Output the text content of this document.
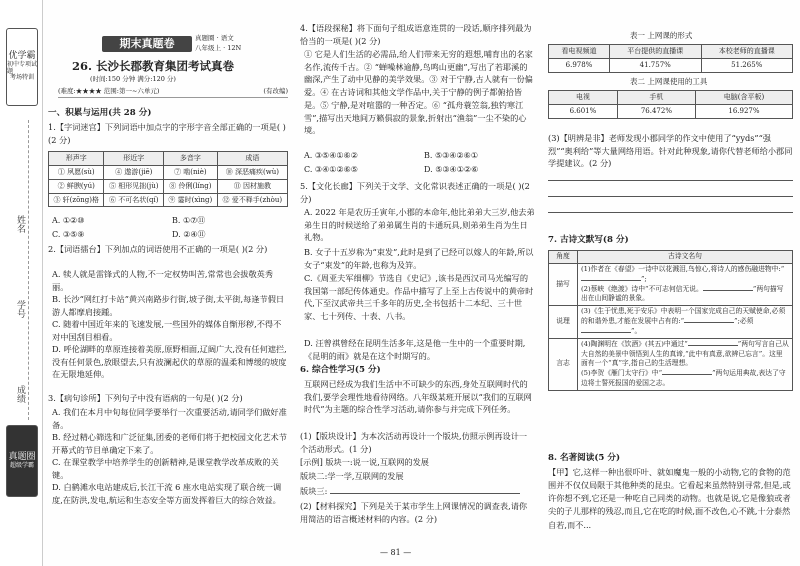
优学霸
初中专项试题
考场特训
姓名
学号
成绩
真题圈
超级学霸
期末真题卷	真题圈 · 语文
八年级上 · 12N
26. 长沙长郡教育集团考试真卷
(时间:150 分钟 满分:120 分)
(难度:★★★★ 范围:第一~六单元)	(有改编)

一、积累与运用(共 28 分)

1.【字词迷宫】下列词语中加点字的字形字音全部正确的一项是( )(2 分)

形声字	形近字	多音字	成语
① 夙愿(sù)	④ 遨游(jiē)	⑦ 啮(niè)	⑩ 深恶痛疾(wù)
② 鲜腴(yú)	⑤ 相形见拙(jù)	⑧ 伶俐(líng)	⑪ 因材施教
③ 轩(zōng)格	⑥ 不可名状(qí)	⑨ 霎时(xìng)	⑫ 爱不释手(zhòu)
A. ①②⑩	B. ①⑦⑪
C. ③⑤⑨	D. ②④⑪

2.【词语擂台】下列加点的词语使用不正确的一项是( )(2 分)

A. 犊人就是雷锋式的人物,不一定权势叫苦,常常也会拔敬英秀丽。

B. 长沙“网红打卡站”黄兴南路步行街,坡子街,太平街,每逢节假日游人都摩肩接踵。

C. 随着中国近年来的飞速发展,一些国外的媒体自惭形秽,不得不对中国刮目相看。

D. 呼伦湖畔的草原连接着美原,原野相面,辽阔广大,没有任何遮拦,没有任何景色,放眼望去,只有波澜起伏的草原的温柔和博缓的坡度在无限地延伸。

3.【病句诊所】下列句子中没有语病的一句是( )(2 分)

A. 我们在本月中旬每位同学要举行一次重要活动,请同学们做好准备。

B. 经过精心筛选和广泛征集,团委的老师们将于把校园文化艺术节开幕式的节目单确定下来了。

C. 在课堂教学中培养学生的创新精神,是课堂教学改革成败的关键。

D. 白鹤滩水电站建成后,长江干流 6 座水电站实现了联合统一调度,在防洪,发电,航运和生态安全等方面发挥着巨大的综合效益。

4.【语段探秘】将下面句子组成语意连贯的一段话,顺序排列最为恰当的一项是( )(2 分)

① 它是人们生活的必需品,给人们带来无穷的遐想,哺育出的名家名作,流传千古。② “蝉噪林逾静,鸟鸣山更幽”,写出了若耶溪的幽深,产生了动中见静的美学效果。③ 对于宁静,古人就有一份偏爱。④ 在古诗词和其他文学作品中,关于宁静的例子都俯拾皆是。⑤ 宁静,是对喧嚣的一种否定。⑥ “孤舟蓑笠翁,独钓寒江雪”,描写出天地间万籁俱寂的景象,折射出“渔翁”一尘不染的心境。

A. ③⑤④①⑥②	B. ⑤③④②⑥①
C. ③④①②⑥⑤	D. ⑤③④①②⑥

5.【文化长廊】下列关于文学、文化常识表述正确的一项是( )(2 分)

A. 2022 年是农历壬寅年,小郡的本命年,他比弟弟大三岁,他去弟弟生日的时候送给了弟弟属生肖的卡通玩具,则弟弟生肖为生日礼物。

B. 女子十五岁称为“束发”,此时是到了已经可以嫁人的年龄,所以女子“束发”的年龄,也称为及笄。

C.《周亚夫军细柳》节选自《史记》,该书是西汉司马光编写的我国第一部纪传体通史。作品中描写了上至上古传说中的黄帝时代,下至汉武帝共三千多年的历史,全书包括十二本纪、三十世家、七十列传、十表、八书。

D. 汪曾祺曾经在昆明生活多年,这是他一生中的一个重要时期,《昆明的雨》就是在这个时期写的。

6. 综合性学习(5 分)

互联网已经成为我们生活中不可缺少的东西,身处互联网时代的我们,要学会理性地看待网络。八年级某班开展以“我们的互联网时代”为主题的综合性学习活动,请你参与并完成下列任务。

(1)【版块设计】为本次活动再设计一个版块,仿照示例再设计一个活动形式。(1 分)

[示例] 版块一:说一说,互联网的发展

版块二:学一学,互联网的发展

版块三:

(2)【材料探究】下列是关于某市学生上网课情况的调查表,请你用简洁的语言概述材料的内容。(2 分)

表一 上网课的形式
看电视频道	平台提供的直播课	本校老师的直播课
6.978%	41.757%	51.265%
表二 上网课使用的工具
电视	手机	电脑(含平板)
6.601%	76.472%	16.927%

(3)【明辨是非】老师发现小郡同学的作文中使用了“yyds”“强烈”“奥利给”等大量网络用语。针对此种现象,请你代替老师给小郡同学提建议。(2 分)

7. 古诗文默写(8 分)

角度	古诗文名句
描写	(1)作者在《春望》一诗中以花溅泪,鸟惊心,将诗人的感伤融进物中:“”;
(2)蔡峡《绝渡》诗中“不可志何信无说。 ”两句描写出在山间静谧的景象。
说理	(3)《生于忧患,死于安乐》中表明一个国家完成自己的天赋使命,必须的和谐外患,才能在发展中占有的:“ ”;必须”。
言志	(4)陶渊明在《饮酒》(其五)中通过“ ”两句写言自己从大自然的美景中领悟到人生的真谛,“此中有真意,欲辨已忘言”。这里面有一个“真”字,指自己的生活理想。
(5)李贺《雁门太守行》中“ ”两句运用典故,表达了守边将士誓死报国的爱国之志。

8. 名著阅读(5 分)

【甲】它,这样一种出很吓叶、就如魔鬼一般的小动物,它的食物的范围并不仅仅局限于其他种类的昆虫。它看起来虽然特别寻常,但是,或许你想不到,它还是一种吃自己同类的动物。也就是说,它是像狼或者尖的子儿那样的残忍,而且,它在吃的时候,面不改色,心不跳,十分泰然自若,而不...

— 81 —
